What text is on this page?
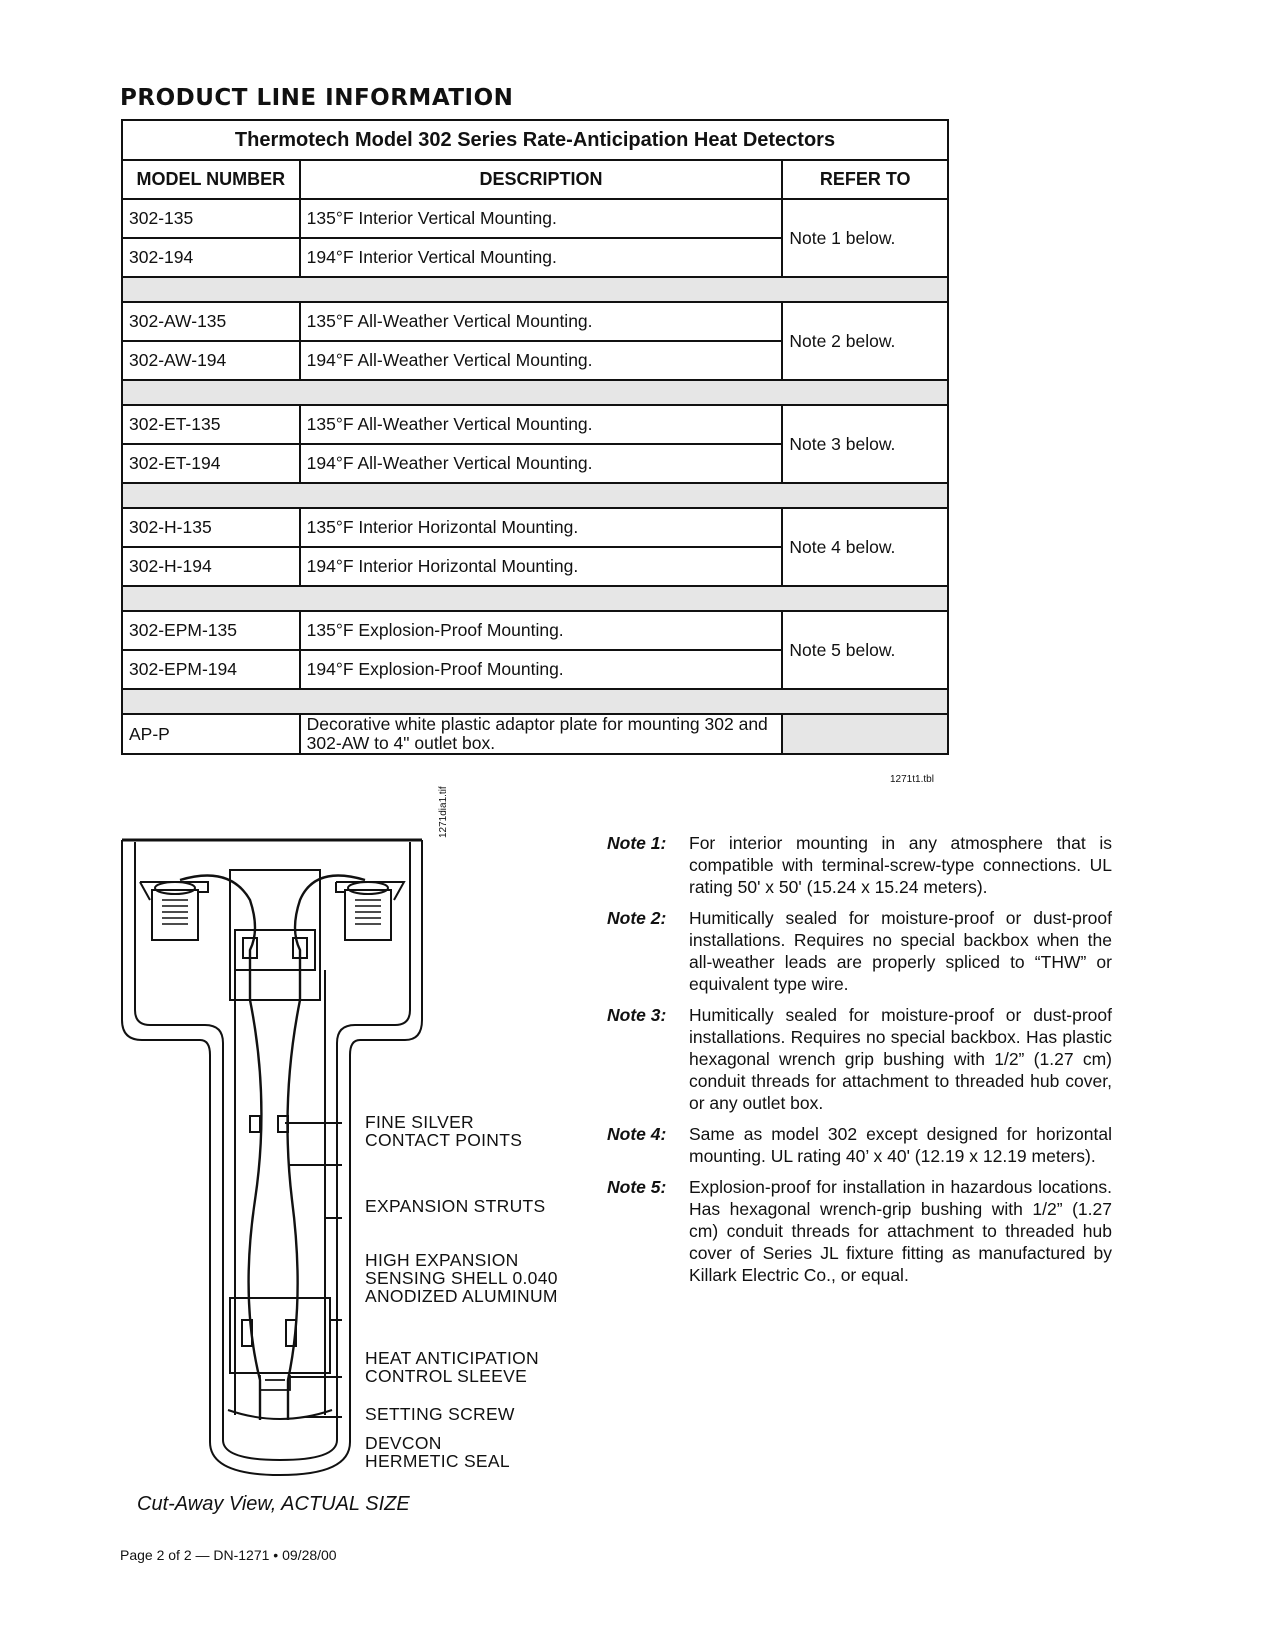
PRODUCT LINE INFORMATION
Thermotech Model 302 Series Rate-Anticipation Heat Detectors		
MODEL NUMBER	DESCRIPTION	REFER TO
302-135	135°F Interior Vertical Mounting.	Note 1 below.
302-194	194°F Interior Vertical Mounting.	

302-AW-135	135°F All-Weather Vertical Mounting.	Note 2 below.
302-AW-194	194°F All-Weather Vertical Mounting.	

302-ET-135	135°F All-Weather Vertical Mounting.	Note 3 below.
302-ET-194	194°F All-Weather Vertical Mounting.	

302-H-135	135°F Interior Horizontal Mounting.	Note 4 below.
302-H-194	194°F Interior Horizontal Mounting.	

302-EPM-135	135°F Explosion-Proof Mounting.	Note 5 below.
302-EPM-194	194°F Explosion-Proof Mounting.	

AP-P	Decorative white plastic adaptor plate for mounting 302 and 302-AW to 4" outlet box.	
1271t1.tbl
1271dia1.tif
FINE SILVER
CONTACT POINTS
EXPANSION STRUTS
HIGH EXPANSION
SENSING SHELL 0.040
ANODIZED ALUMINUM
HEAT ANTICIPATION
CONTROL SLEEVE
SETTING SCREW
DEVCON
HERMETIC SEAL
Cut-Away View, ACTUAL SIZE
Note 1:	For interior mounting in any atmosphere that is compatible with terminal-screw-type connections. UL rating 50' x 50' (15.24 x 15.24 meters).
Note 2:	Humitically sealed for moisture-proof or dust-proof installations. Requires no special backbox when the all-weather leads are properly spliced to “THW” or equivalent type wire.
Note 3:	Humitically sealed for moisture-proof or dust-proof installations. Requires no special backbox. Has plastic hexagonal wrench grip bushing with 1/2” (1.27 cm) conduit threads for attachment to threaded hub cover, or any outlet box.
Note 4:	Same as model 302 except designed for horizontal mounting. UL rating 40’ x 40' (12.19 x 12.19 meters).
Note 5:	Explosion-proof for installation in hazardous locations. Has hexagonal wrench-grip bushing with 1/2” (1.27 cm) conduit threads for attachment to threaded hub cover of Series JL fixture fitting as manufactured by Killark Electric Co., or equal.
Page 2 of 2 — DN-1271 • 09/28/00
